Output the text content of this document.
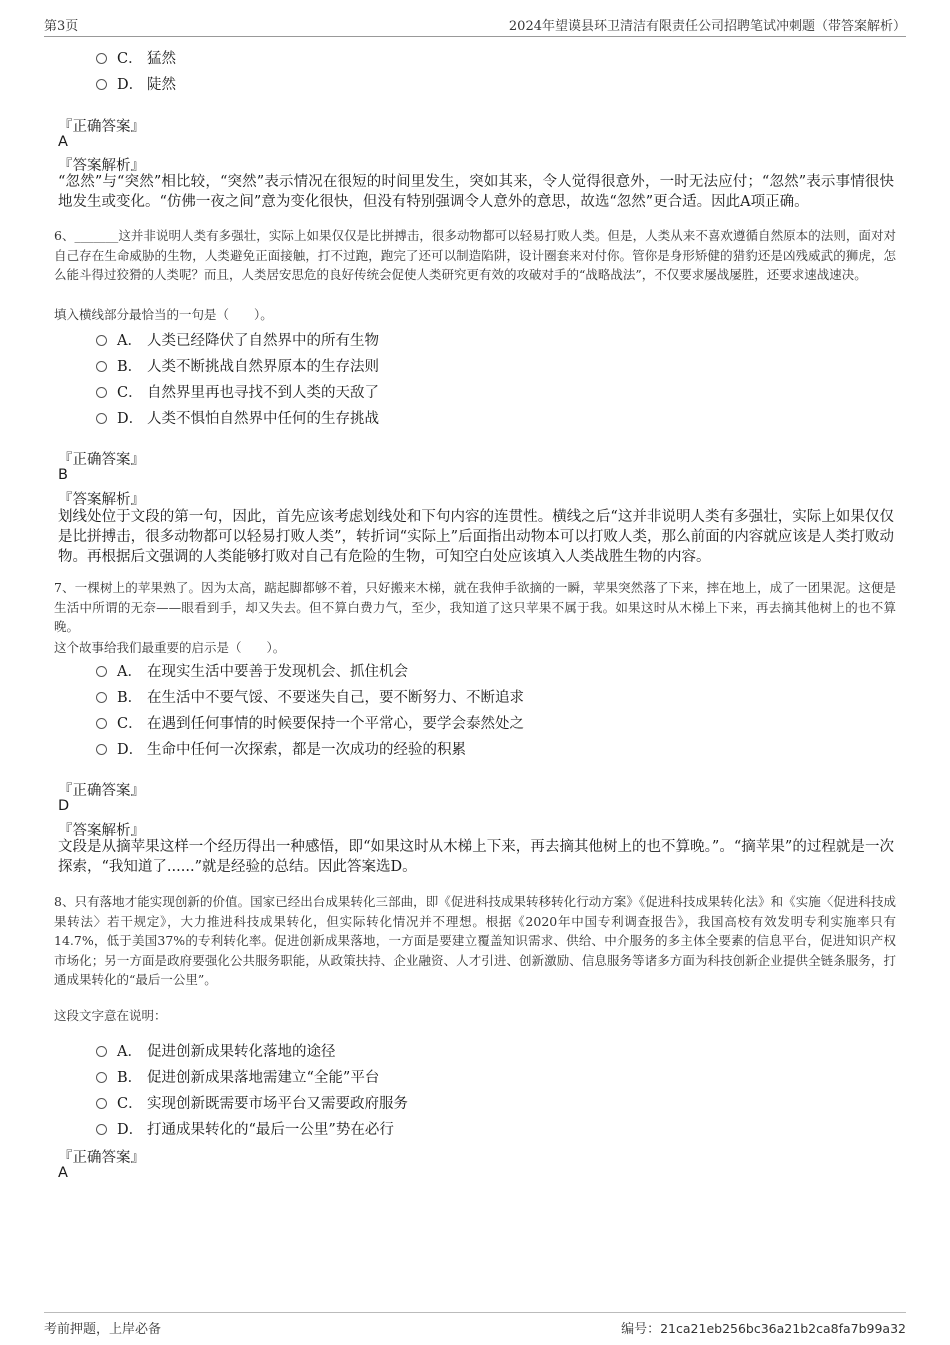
第3页	2024年望谟县环卫清洁有限责任公司招聘笔试冲刺题（带答案解析）
C． 猛然
D． 陡然
『正确答案』
A
『答案解析』
“忽然”与“突然”相比较，“突然”表示情况在很短的时间里发生，突如其来，令人觉得很意外，一时无法应付；“忽然”表示事情很快地发生或变化。“仿佛一夜之间”意为变化很快，但没有特别强调令人意外的意思，故选“忽然”更合适。因此A项正确。
6、_______这并非说明人类有多强壮，实际上如果仅仅是比拼搏击，很多动物都可以轻易打败人类。但是，人类从来不喜欢遵循自然原本的法则，面对对自己存在生命威胁的生物，人类避免正面接触，打不过跑，跑完了还可以制造陷阱，设计圈套来对付你。管你是身形矫健的猎豹还是凶残威武的狮虎，怎么能斗得过狡猾的人类呢？而且，人类居安思危的良好传统会促使人类研究更有效的攻破对手的“战略战法”，不仅要求屡战屡胜，还要求速战速决。
填入横线部分最恰当的一句是（　　）。
A． 人类已经降伏了自然界中的所有生物
B． 人类不断挑战自然界原本的生存法则
C． 自然界里再也寻找不到人类的天敌了
D． 人类不惧怕自然界中任何的生存挑战
『正确答案』
B
『答案解析』
划线处位于文段的第一句，因此，首先应该考虑划线处和下句内容的连贯性。横线之后“这并非说明人类有多强壮，实际上如果仅仅是比拼搏击，很多动物都可以轻易打败人类”，转折词“实际上”后面指出动物本可以打败人类，那么前面的内容就应该是人类打败动物。再根据后文强调的人类能够打败对自己有危险的生物，可知空白处应该填入人类战胜生物的内容。
7、一棵树上的苹果熟了。因为太高，踮起脚都够不着，只好搬来木梯，就在我伸手欲摘的一瞬，苹果突然落了下来，摔在地上，成了一团果泥。这便是生活中所谓的无奈——眼看到手，却又失去。但不算白费力气，至少，我知道了这只苹果不属于我。如果这时从木梯上下来，再去摘其他树上的也不算晚。
这个故事给我们最重要的启示是（　　）。
A． 在现实生活中要善于发现机会、抓住机会
B． 在生活中不要气馁、不要迷失自己，要不断努力、不断追求
C． 在遇到任何事情的时候要保持一个平常心，要学会泰然处之
D． 生命中任何一次探索，都是一次成功的经验的积累
『正确答案』
D
『答案解析』
文段是从摘苹果这样一个经历得出一种感悟，即“如果这时从木梯上下来，再去摘其他树上的也不算晚。”。“摘苹果”的过程就是一次探索，“我知道了......”就是经验的总结。因此答案选D。
8、只有落地才能实现创新的价值。国家已经出台成果转化三部曲，即《促进科技成果转移转化行动方案》《促进科技成果转化法》和《实施〈促进科技成果转法〉若干规定》，大力推进科技成果转化，但实际转化情况并不理想。根据《2020年中国专利调查报告》，我国高校有效发明专利实施率只有14.7%，低于美国37%的专利转化率。促进创新成果落地，一方面是要建立覆盖知识需求、供给、中介服务的多主体全要素的信息平台，促进知识产权市场化；另一方面是政府要强化公共服务职能，从政策扶持、企业融资、人才引进、创新激励、信息服务等诸多方面为科技创新企业提供全链条服务，打通成果转化的“最后一公里”。
这段文字意在说明：
A． 促进创新成果转化落地的途径
B． 促进创新成果落地需建立“全能”平台
C． 实现创新既需要市场平台又需要政府服务
D． 打通成果转化的“最后一公里”势在必行
『正确答案』
A
考前押题，上岸必备	编号：21ca21eb256bc36a21b2ca8fa7b99a32
